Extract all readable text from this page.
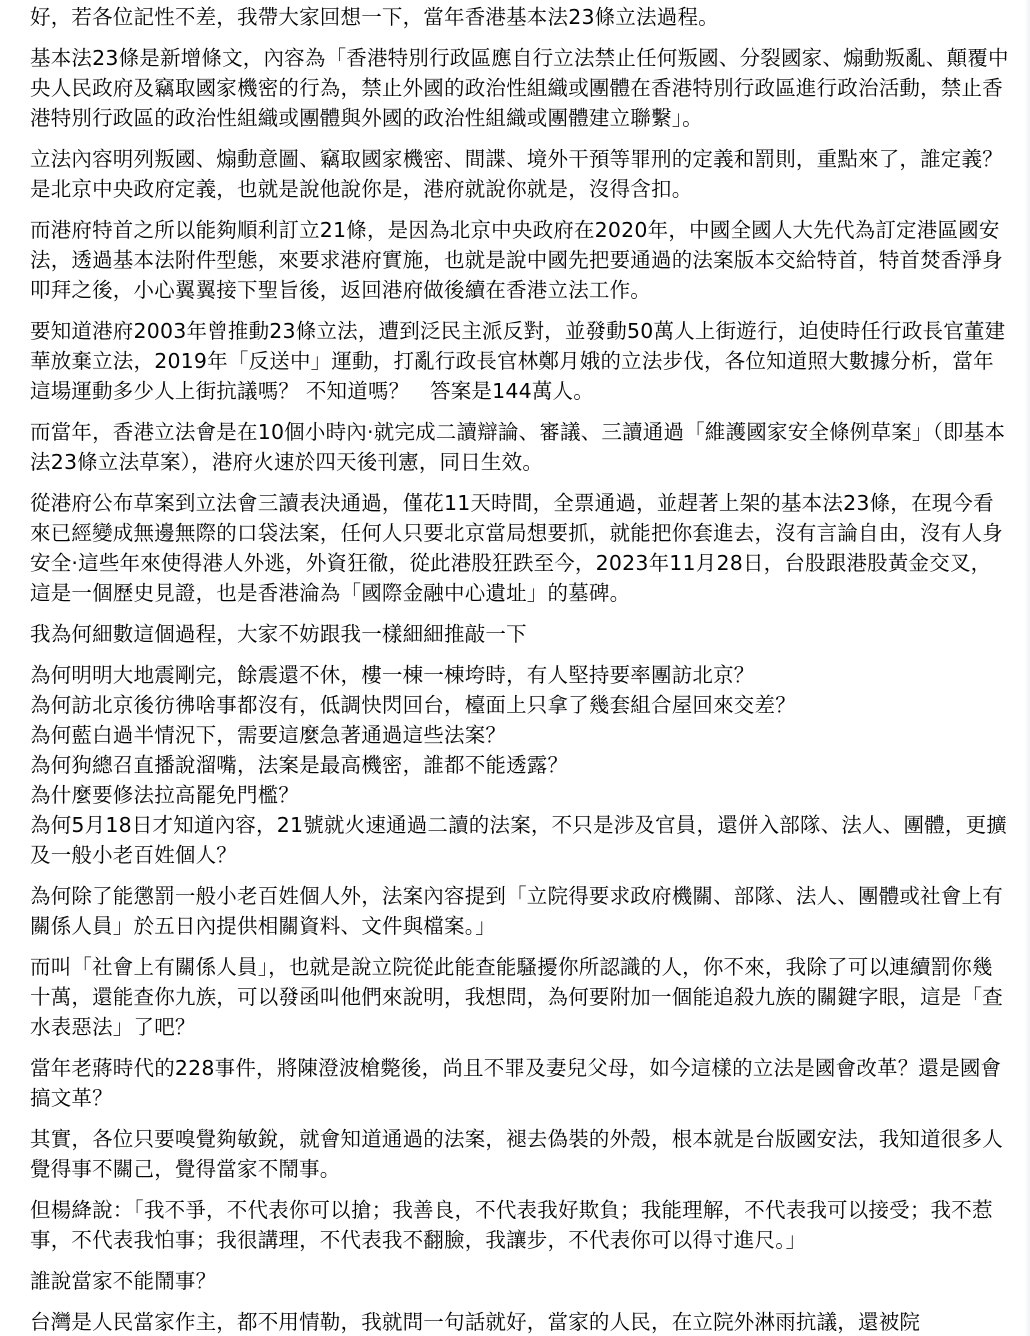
好，若各位記性不差，我帶大家回想一下，當年香港基本法23條立法過程。

基本法23條是新增條文，內容為「香港特別行政區應自行立法禁止任何叛國、分裂國家、煽動叛亂、顛覆中央人民政府及竊取國家機密的行為，禁止外國的政治性組織或團體在香港特別行政區進行政治活動，禁止香港特別行政區的政治性組織或團體與外國的政治性組織或團體建立聯繫」。

立法內容明列叛國、煽動意圖、竊取國家機密、間諜、境外干預等罪刑的定義和罰則，重點來了，誰定義？是北京中央政府定義，也就是說他說你是，港府就說你就是，沒得含扣。

而港府特首之所以能夠順利訂立21條，是因為北京中央政府在2020年，中國全國人大先代為訂定港區國安法，透過基本法附件型態，來要求港府實施，也就是說中國先把要通過的法案版本交給特首，特首焚香淨身叩拜之後，小心翼翼接下聖旨後，返回港府做後續在香港立法工作。

要知道港府2003年曾推動23條立法，遭到泛民主派反對，並發動50萬人上街遊行，迫使時任行政長官董建華放棄立法，2019年「反送中」運動，打亂行政長官林鄭月娥的立法步伐，各位知道照大數據分析，當年這場運動多少人上街抗議嗎？ 不知道嗎？　答案是144萬人。

而當年，香港立法會是在10個小時內‧就完成二讀辯論、審議、三讀通過「維護國家安全條例草案」（即基本法23條立法草案），港府火速於四天後刊憲，同日生效。

從港府公布草案到立法會三讀表決通過，僅花11天時間，全票通過，並趕著上架的基本法23條，在現今看來已經變成無邊無際的口袋法案，任何人只要北京當局想要抓，就能把你套進去，沒有言論自由，沒有人身安全‧這些年來使得港人外逃，外資狂徹，從此港股狂跌至今，2023年11月28日，台股跟港股黃金交叉，這是一個歷史見證，也是香港淪為「國際金融中心遺址」的墓碑。

我為何細數這個過程，大家不妨跟我一樣細細推敲一下

為何明明大地震剛完，餘震還不休，樓一棟一棟垮時，有人堅持要率團訪北京？
為何訪北京後彷彿啥事都沒有，低調快閃回台，檯面上只拿了幾套組合屋回來交差？
為何藍白過半情況下，需要這麼急著通過這些法案？
為何狗總召直播說溜嘴，法案是最高機密，誰都不能透露？
為什麼要修法拉高罷免門檻？
為何5月18日才知道內容，21號就火速通過二讀的法案，不只是涉及官員，還併入部隊、法人、團體，更擴及一般小老百姓個人？

為何除了能懲罰一般小老百姓個人外，法案內容提到「立院得要求政府機關、部隊、法人、團體或社會上有關係人員」於五日內提供相關資料、文件與檔案。」

而叫「社會上有關係人員」，也就是說立院從此能查能騷擾你所認識的人，你不來，我除了可以連續罰你幾十萬，還能查你九族，可以發函叫他們來說明，我想問，為何要附加一個能追殺九族的關鍵字眼，這是「查水表惡法」了吧？

當年老蔣時代的228事件，將陳澄波槍斃後，尚且不罪及妻兒父母，如今這樣的立法是國會改革？還是國會搞文革？

其實，各位只要嗅覺夠敏銳，就會知道通過的法案，褪去偽裝的外殼，根本就是台版國安法，我知道很多人覺得事不關己，覺得當家不鬧事。

但楊絳說：「我不爭，不代表你可以搶；我善良，不代表我好欺負；我能理解，不代表我可以接受；我不惹事，不代表我怕事；我很講理，不代表我不翻臉，我讓步，不代表你可以得寸進尺。」

誰說當家不能鬧事？

台灣是人民當家作主，都不用情勒，我就問一句話就好，當家的人民，在立院外淋雨抗議，還被院
